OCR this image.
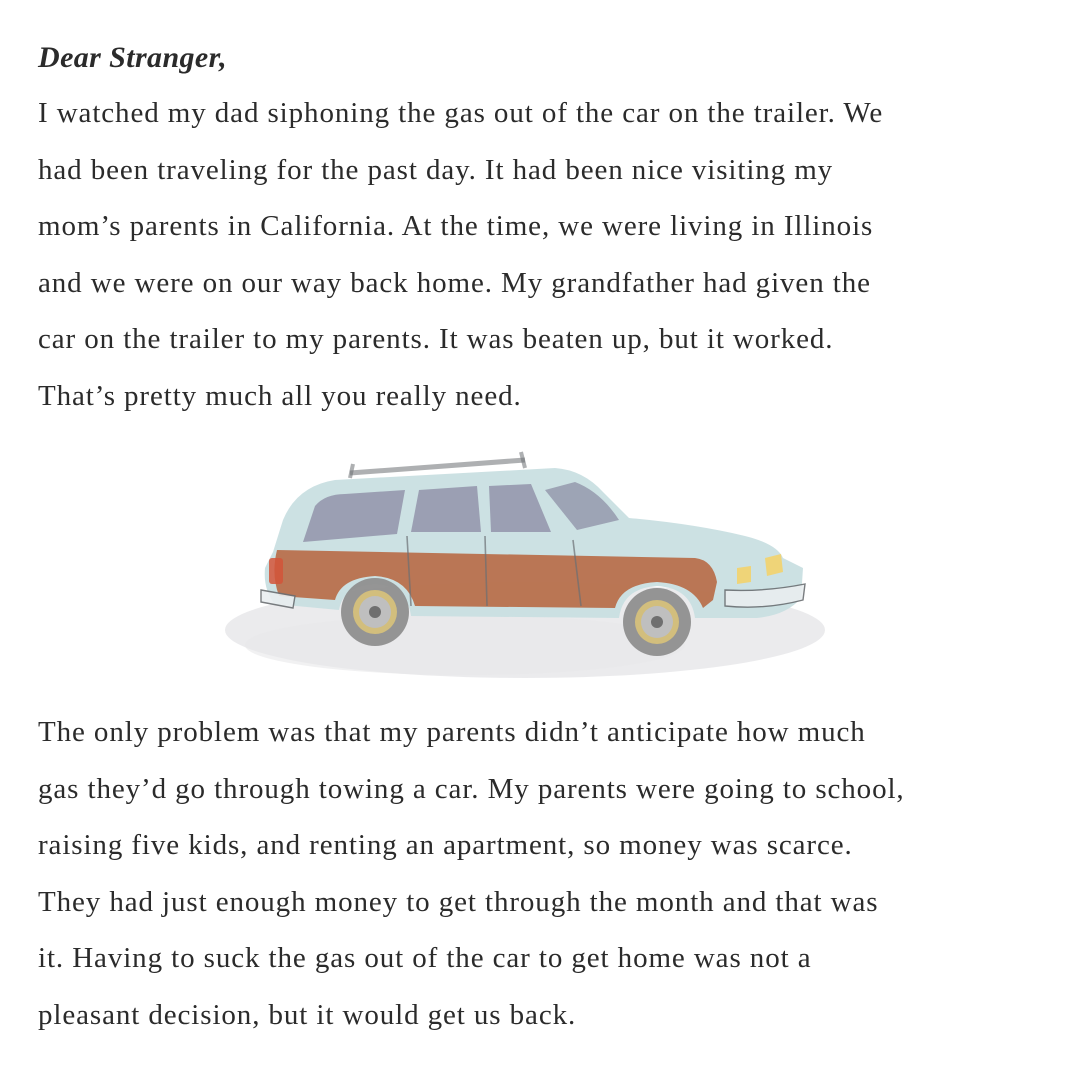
Dear Stranger,
I watched my dad siphoning the gas out of the car on the trailer. We
had been traveling for the past day. It had been nice visiting my
mom’s parents in California. At the time, we were living in Illinois
and we were on our way back home. My grandfather had given the
car on the trailer to my parents. It was beaten up, but it worked.
That’s pretty much all you really need.
The only problem was that my parents didn’t anticipate how much
gas they’d go through towing a car. My parents were going to school,
raising five kids, and renting an apartment, so money was scarce.
They had just enough money to get through the month and that was
it. Having to suck the gas out of the car to get home was not a
pleasant decision, but it would get us back.
